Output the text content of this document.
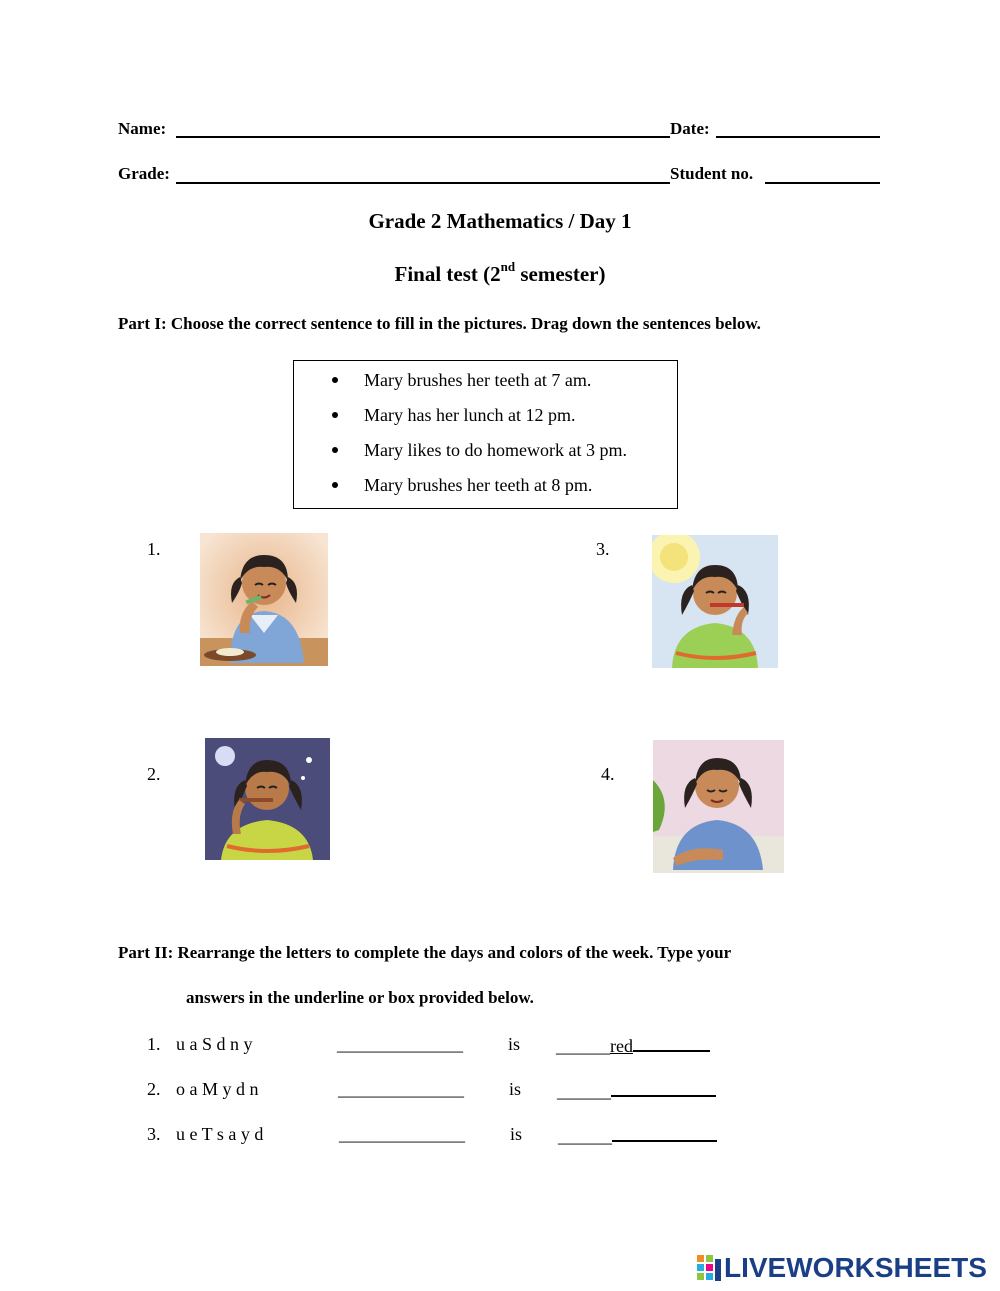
Name:	Date:
Grade:	Student no.
Grade 2 Mathematics / Day 1
Final test (2nd semester)
Part I: Choose the correct sentence to fill in the pictures. Drag down the sentences below.
Mary brushes her teeth at 7 am.
Mary has her lunch at 12 pm.
Mary likes to do homework at 3 pm.
Mary brushes her teeth at 8 pm.
1.	3.
2.	4.
Part II: Rearrange the letters to complete the days and colors of the week. Type your
answers in the underline or box provided below.
1. u a S d n y	______________	is ______red
2. o a M y d n	______________	is ______
3. u e T s a y d	______________	is ______
LIVEWORKSHEETS
